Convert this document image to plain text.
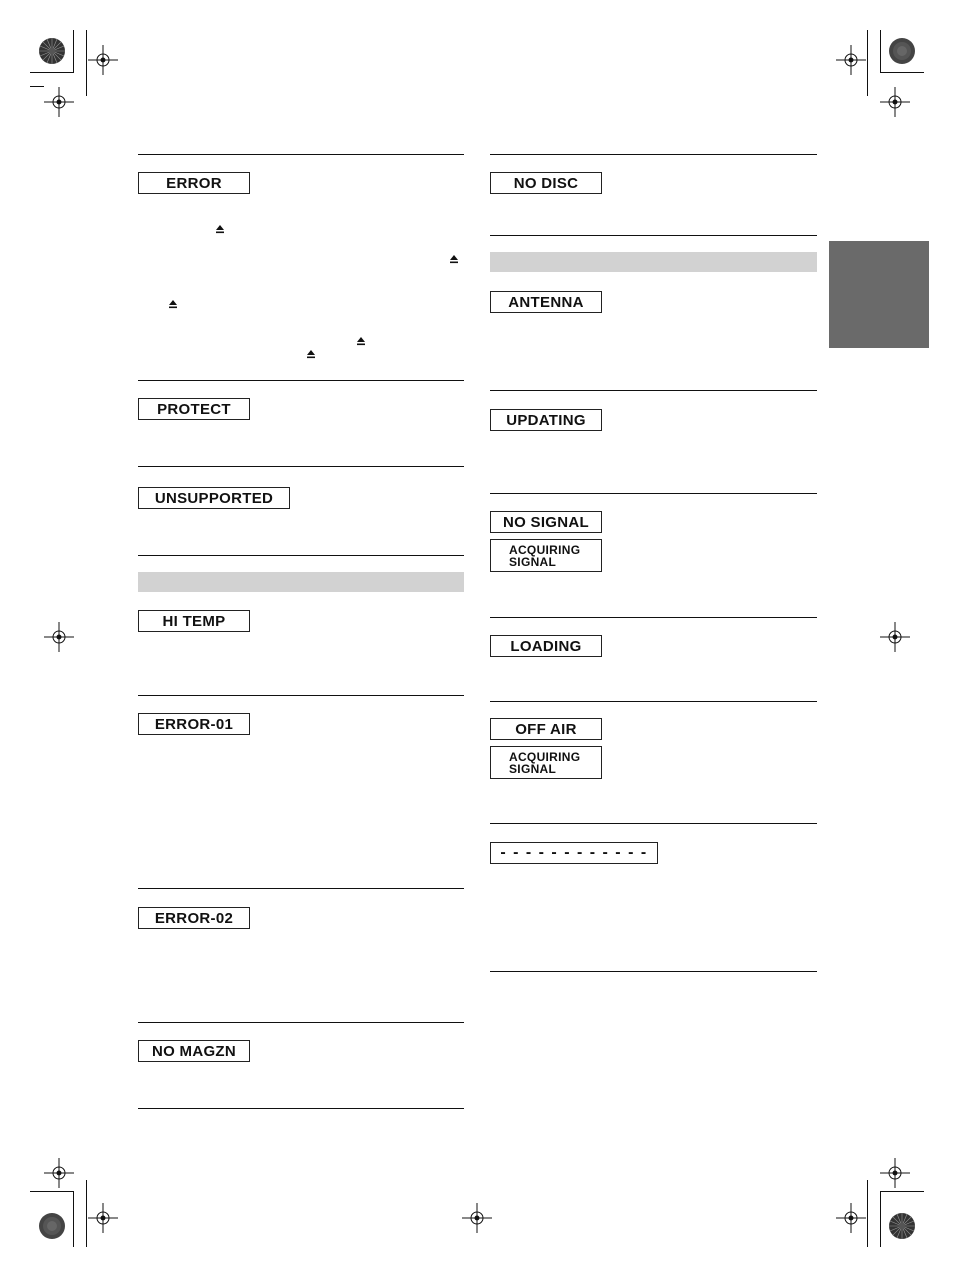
ERROR
PROTECT
UNSUPPORTED
HI TEMP
ERROR-01
ERROR-02
NO MAGZN
NO DISC
ANTENNA
UPDATING
NO SIGNAL
ACQUIRING
SIGNAL
LOADING
OFF AIR
ACQUIRING
SIGNAL
- - - - - - - - - - - -
